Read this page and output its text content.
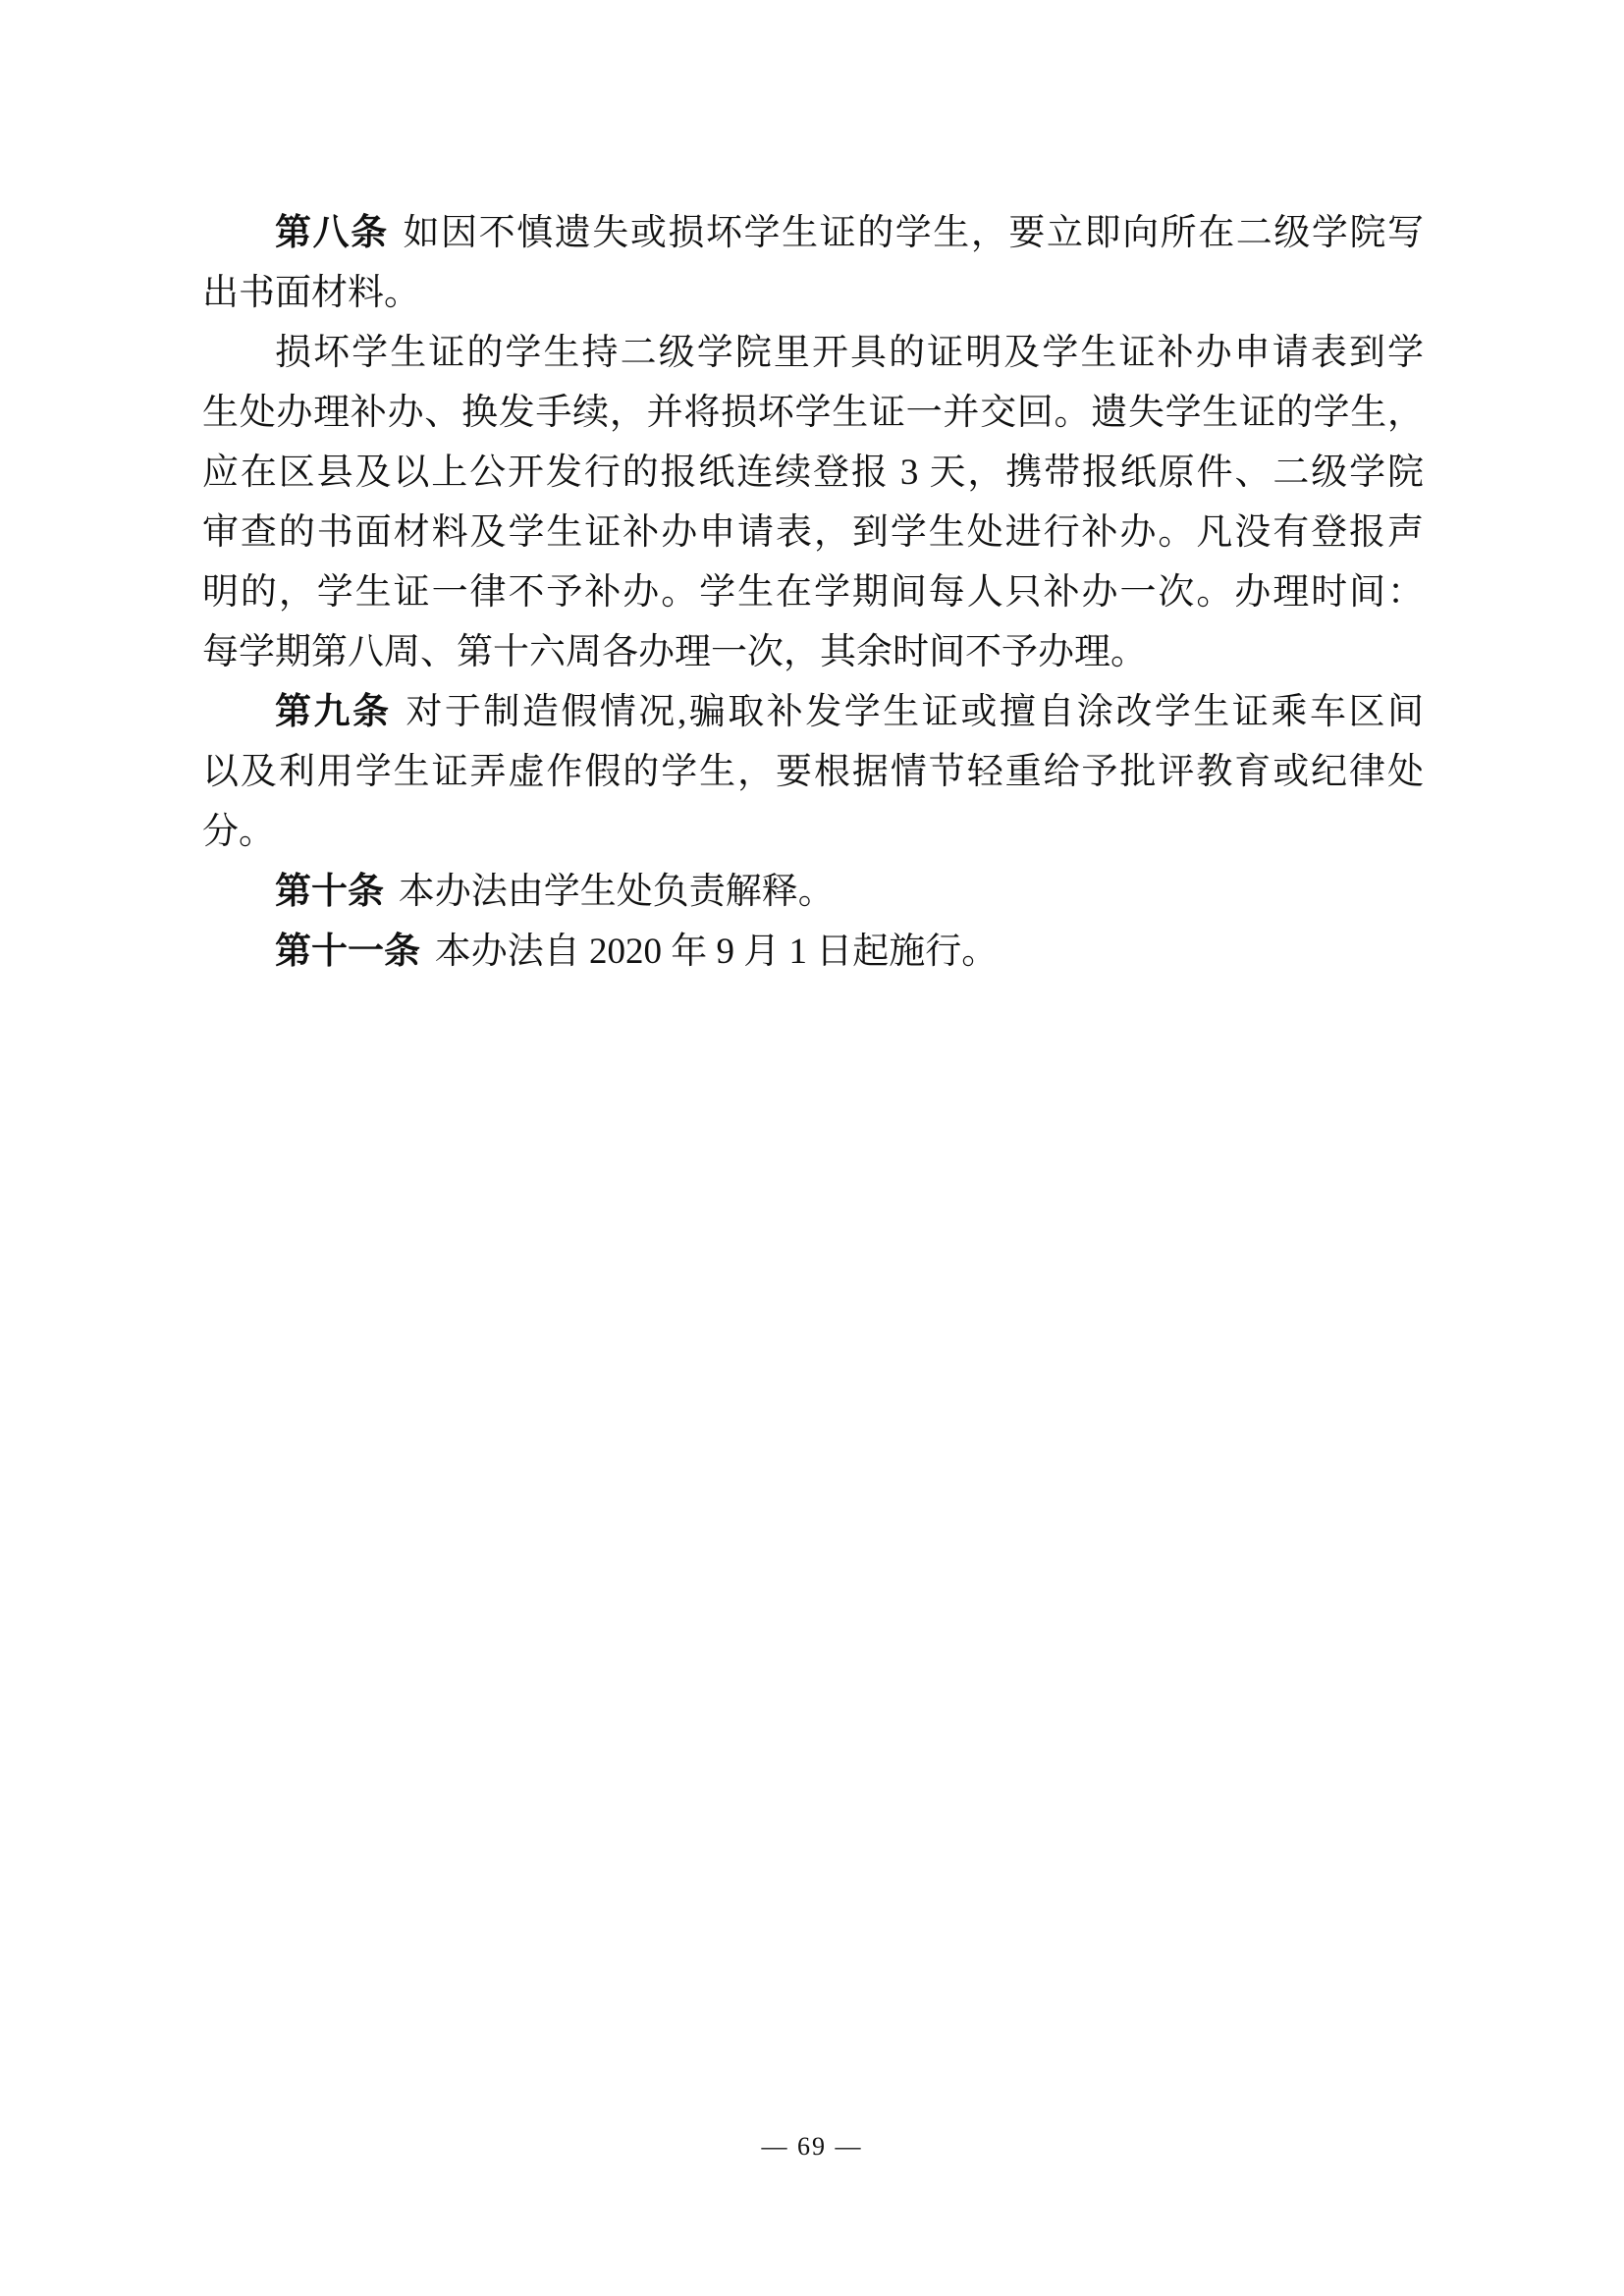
第八条 如因不慎遗失或损坏学生证的学生，要立即向所在二级学院写
出书面材料。
损坏学生证的学生持二级学院里开具的证明及学生证补办申请表到学
生处办理补办、换发手续，并将损坏学生证一并交回。遗失学生证的学生，
应在区县及以上公开发行的报纸连续登报 3 天，携带报纸原件、二级学院
审查的书面材料及学生证补办申请表，到学生处进行补办。凡没有登报声
明的，学生证一律不予补办。学生在学期间每人只补办一次。办理时间：
每学期第八周、第十六周各办理一次，其余时间不予办理。
第九条 对于制造假情况,骗取补发学生证或擅自涂改学生证乘车区间
以及利用学生证弄虚作假的学生，要根据情节轻重给予批评教育或纪律处
分。
第十条 本办法由学生处负责解释。
第十一条 本办法自 2020 年 9 月 1 日起施行。
— 69 —
